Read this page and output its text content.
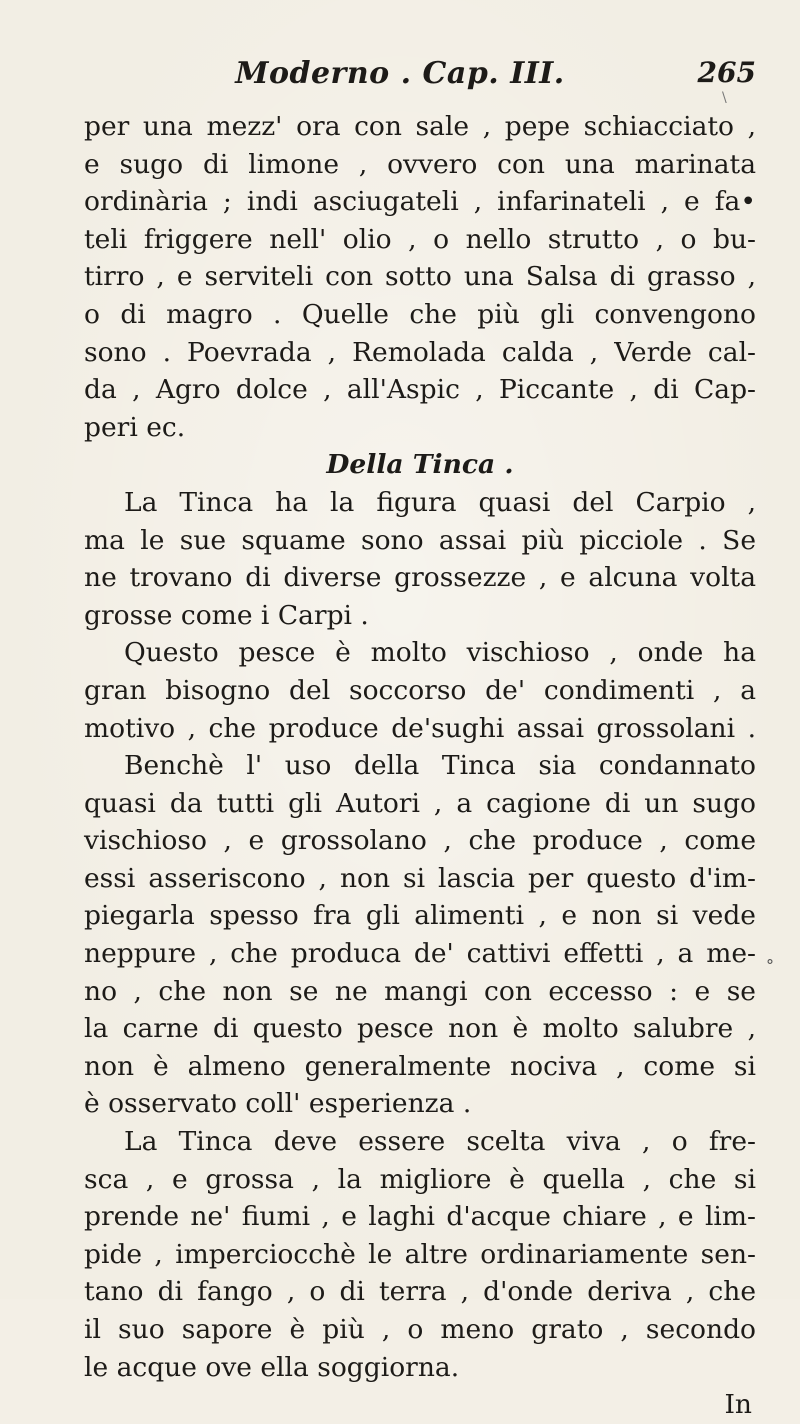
Moderno . Cap. III.	265
\
per una mezz' ora con sale , pepe schiacciato ,
e sugo di limone , ovvero con una marinata
ordinària ; indi asciugateli , infarinateli , e fa•
teli friggere nell' olio , o nello strutto , o bu-
tirro , e serviteli con sotto una Salsa di grasso ,
o di magro . Quelle che più gli convengono
sono . Poevrada , Remolada calda , Verde cal-
da , Agro dolce , all'Aspic , Piccante , di Cap-
peri ec.
Della Tinca .
La Tinca ha la figura quasi del Carpio ,
ma le sue squame sono assai più picciole . Se
ne trovano di diverse grossezze , e alcuna volta
grosse come i Carpi .
Questo pesce è molto vischioso , onde ha
gran bisogno del soccorso de' condimenti , a
motivo , che produce de'sughi assai grossolani .
Benchè l' uso della Tinca sia condannato
quasi da tutti gli Autori , a cagione di un sugo
vischioso , e grossolano , che produce , come
essi asseriscono , non si lascia per questo d'im-
piegarla spesso fra gli alimenti , e non si vede
neppure , che produca de' cattivi effetti , a me-
no , che non se ne mangi con eccesso : e se
la carne di questo pesce non è molto salubre ,
non è almeno generalmente nociva , come si
è osservato coll' esperienza .
La Tinca deve essere scelta viva , o fre-
sca , e grossa , la migliore è quella , che si
prende ne' fiumi , e laghi d'acque chiare , e lim-
pide , imperciocchè le altre ordinariamente sen-
tano di fango , o di terra , d'onde deriva , che
il suo sapore è più , o meno grato , secondo
le acque ove ella soggiorna.
In
°
